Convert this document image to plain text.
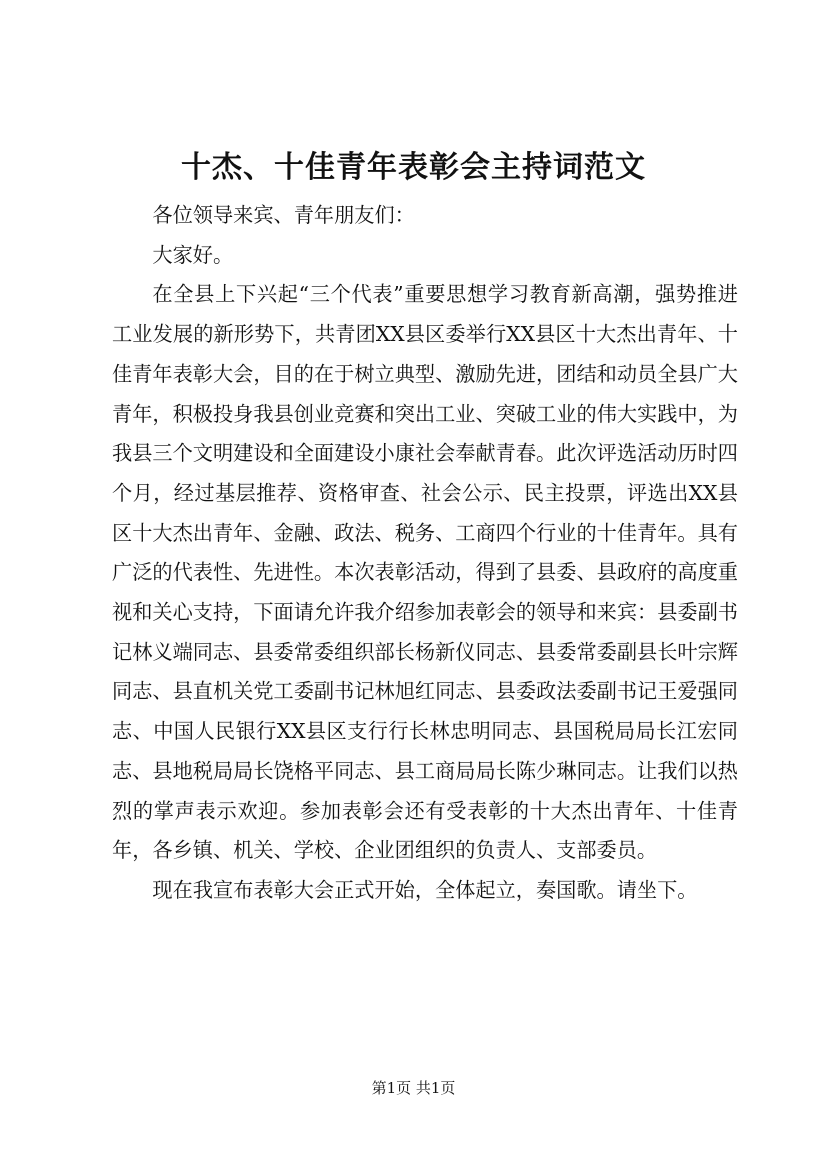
十杰、十佳青年表彰会主持词范文

各位领导来宾、青年朋友们：

大家好。

在全县上下兴起“三个代表”重要思想学习教育新高潮，强势推进工业发展的新形势下，共青团XX县区委举行XX县区十大杰出青年、十佳青年表彰大会，目的在于树立典型、激励先进，团结和动员全县广大青年，积极投身我县创业竞赛和突出工业、突破工业的伟大实践中，为我县三个文明建设和全面建设小康社会奉献青春。此次评选活动历时四个月，经过基层推荐、资格审查、社会公示、民主投票，评选出XX县区十大杰出青年、金融、政法、税务、工商四个行业的十佳青年。具有广泛的代表性、先进性。本次表彰活动，得到了县委、县政府的高度重视和关心支持，下面请允许我介绍参加表彰会的领导和来宾：县委副书记林义端同志、县委常委组织部长杨新仪同志、县委常委副县长叶宗辉同志、县直机关党工委副书记林旭红同志、县委政法委副书记王爱强同志、中国人民银行XX县区支行行长林忠明同志、县国税局局长江宏同志、县地税局局长饶格平同志、县工商局局长陈少琳同志。让我们以热烈的掌声表示欢迎。参加表彰会还有受表彰的十大杰出青年、十佳青年，各乡镇、机关、学校、企业团组织的负责人、支部委员。

现在我宣布表彰大会正式开始，全体起立，奏国歌。请坐下。

第1页 共1页
